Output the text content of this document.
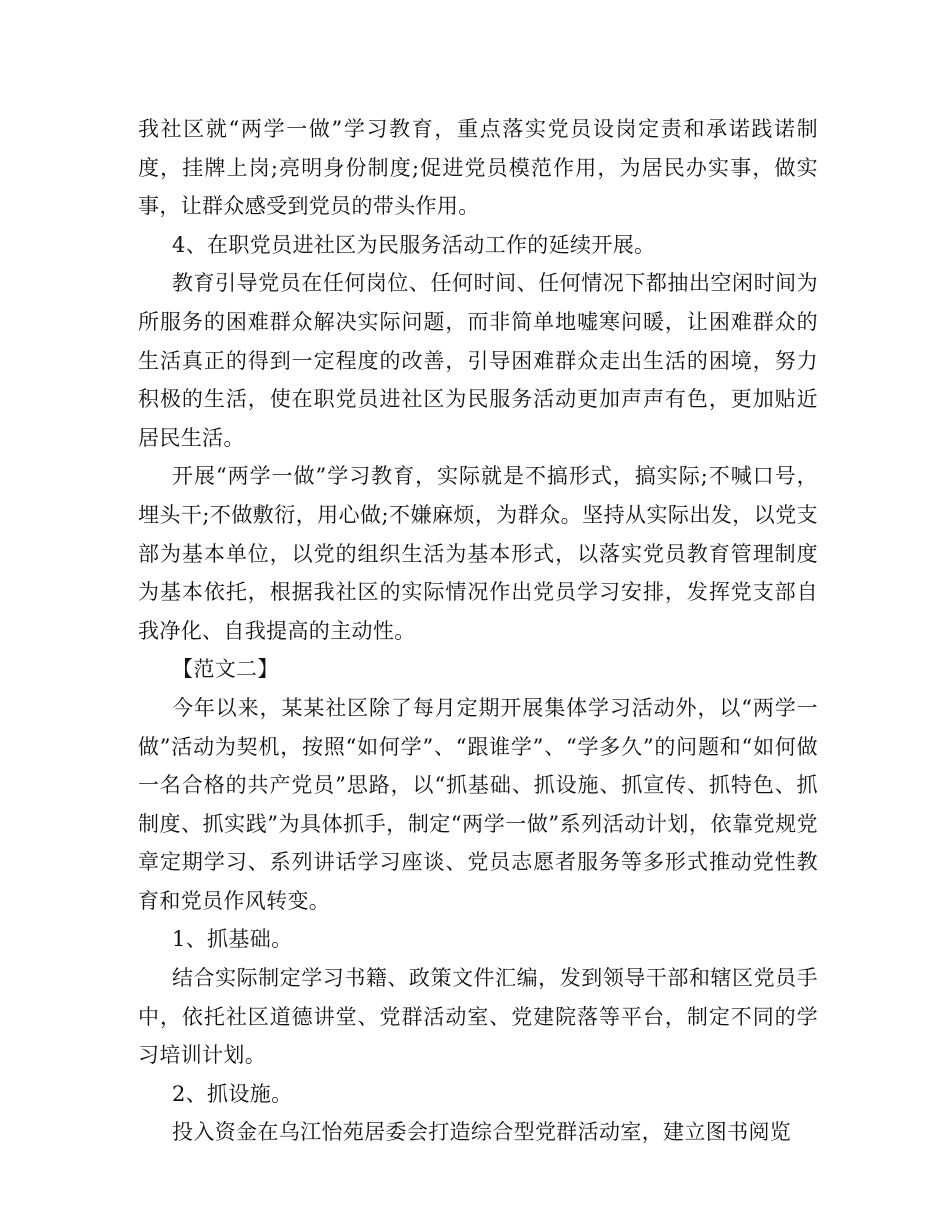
我社区就“两学一做”学习教育，重点落实党员设岗定责和承诺践诺制度，挂牌上岗;亮明身份制度;促进党员模范作用，为居民办实事，做实事，让群众感受到党员的带头作用。

4、在职党员进社区为民服务活动工作的延续开展。

教育引导党员在任何岗位、任何时间、任何情况下都抽出空闲时间为所服务的困难群众解决实际问题，而非简单地嘘寒问暖，让困难群众的生活真正的得到一定程度的改善，引导困难群众走出生活的困境，努力积极的生活，使在职党员进社区为民服务活动更加声声有色，更加贴近居民生活。

开展“两学一做”学习教育，实际就是不搞形式，搞实际;不喊口号，埋头干;不做敷衍，用心做;不嫌麻烦，为群众。坚持从实际出发，以党支部为基本单位，以党的组织生活为基本形式，以落实党员教育管理制度为基本依托，根据我社区的实际情况作出党员学习安排，发挥党支部自我净化、自我提高的主动性。

【范文二】

今年以来，某某社区除了每月定期开展集体学习活动外，以“两学一做”活动为契机，按照“如何学”、“跟谁学”、“学多久”的问题和“如何做一名合格的共产党员”思路，以“抓基础、抓设施、抓宣传、抓特色、抓制度、抓实践”为具体抓手，制定“两学一做”系列活动计划，依靠党规党章定期学习、系列讲话学习座谈、党员志愿者服务等多形式推动党性教育和党员作风转变。

1、抓基础。

结合实际制定学习书籍、政策文件汇编，发到领导干部和辖区党员手中，依托社区道德讲堂、党群活动室、党建院落等平台，制定不同的学习培训计划。

2、抓设施。

投入资金在乌江怡苑居委会打造综合型党群活动室，建立图书阅览
